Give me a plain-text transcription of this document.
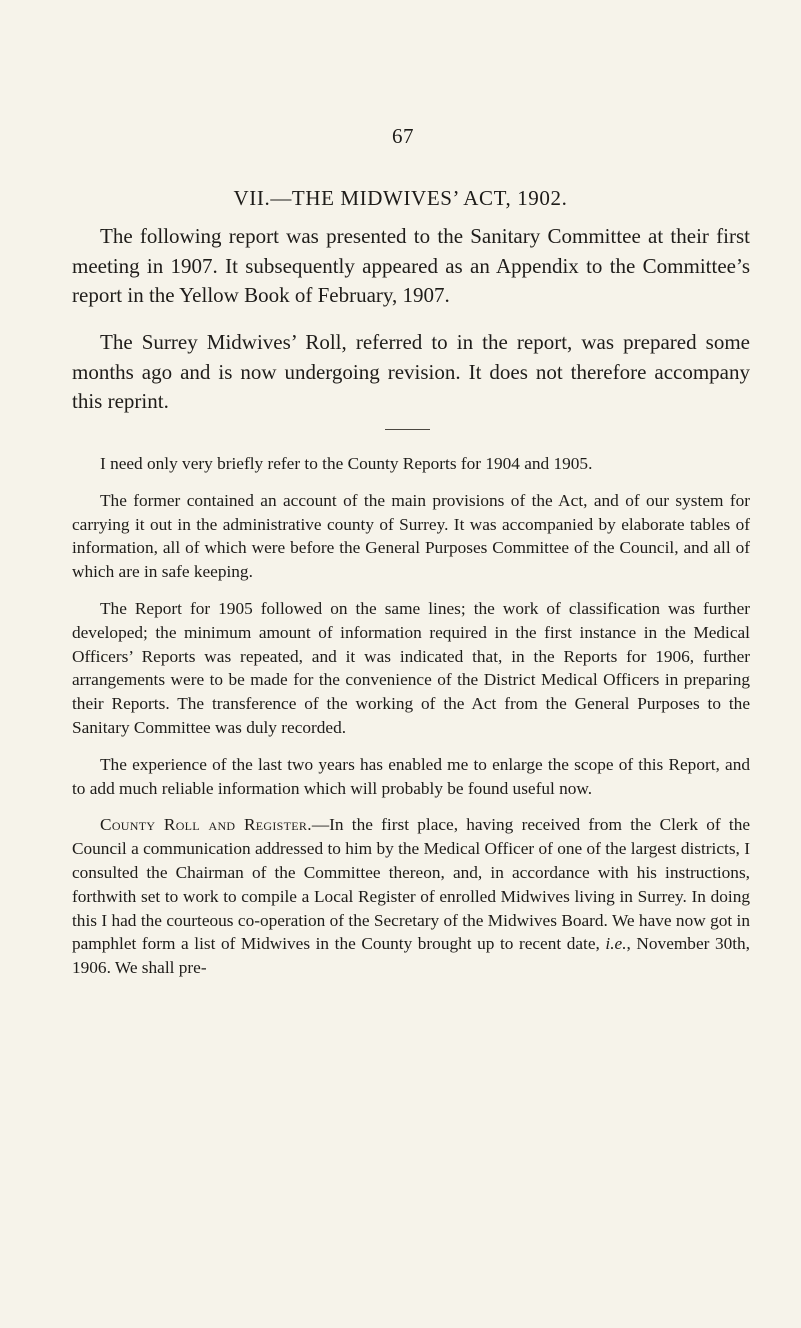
67
VII.—THE MIDWIVES’ ACT, 1902.

The following report was presented to the Sanitary Committee at their first meeting in 1907. It subsequently appeared as an Appendix to the Committee’s report in the Yellow Book of February, 1907.

The Surrey Midwives’ Roll, referred to in the report, was prepared some months ago and is now undergoing revision. It does not therefore accompany this reprint.

I need only very briefly refer to the County Reports for 1904 and 1905.

The former contained an account of the main provisions of the Act, and of our system for carrying it out in the administrative county of Surrey. It was accompanied by elaborate tables of information, all of which were before the General Purposes Committee of the Council, and all of which are in safe keeping.

The Report for 1905 followed on the same lines; the work of classification was further developed; the minimum amount of information required in the first instance in the Medical Officers’ Reports was repeated, and it was indicated that, in the Reports for 1906, further arrangements were to be made for the convenience of the District Medical Officers in preparing their Reports. The transference of the working of the Act from the General Purposes to the Sanitary Committee was duly recorded.

The experience of the last two years has enabled me to enlarge the scope of this Report, and to add much reliable information which will probably be found useful now.

County Roll and Register.—In the first place, having received from the Clerk of the Council a communication addressed to him by the Medical Officer of one of the largest districts, I consulted the Chairman of the Committee thereon, and, in accordance with his instructions, forthwith set to work to compile a Local Register of enrolled Midwives living in Surrey. In doing this I had the courteous co-operation of the Secretary of the Midwives Board. We have now got in pamphlet form a list of Midwives in the County brought up to recent date, i.e., November 30th, 1906. We shall pre-
